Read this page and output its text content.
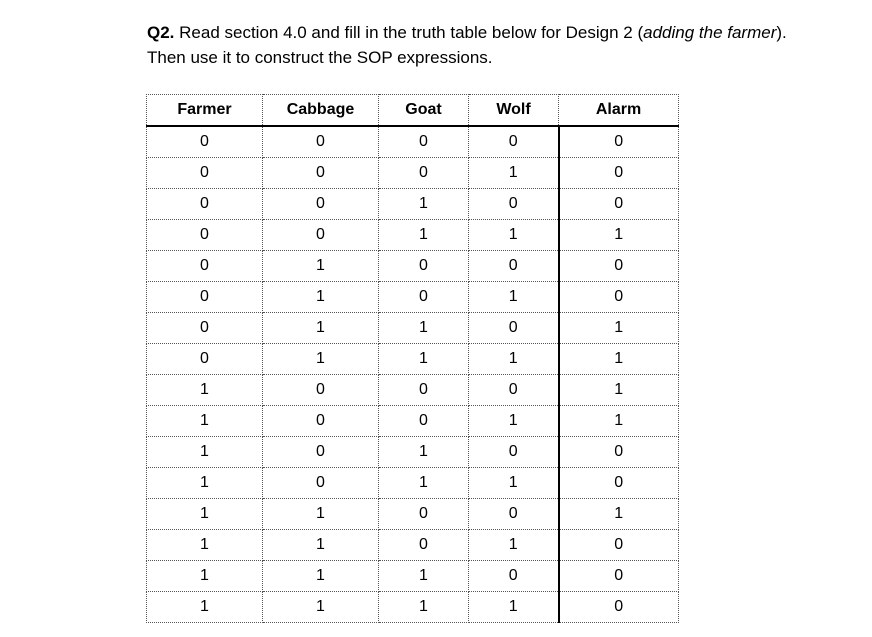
Q2. Read section 4.0 and fill in the truth table below for Design 2 (adding the farmer).
Then use it to construct the SOP expressions.
Farmer	Cabbage	Goat	Wolf	Alarm
0	0	0	0	0
0	0	0	1	0
0	0	1	0	0
0	0	1	1	1
0	1	0	0	0
0	1	0	1	0
0	1	1	0	1
0	1	1	1	1
1	0	0	0	1
1	0	0	1	1
1	0	1	0	0
1	0	1	1	0
1	1	0	0	1
1	1	0	1	0
1	1	1	0	0
1	1	1	1	0
